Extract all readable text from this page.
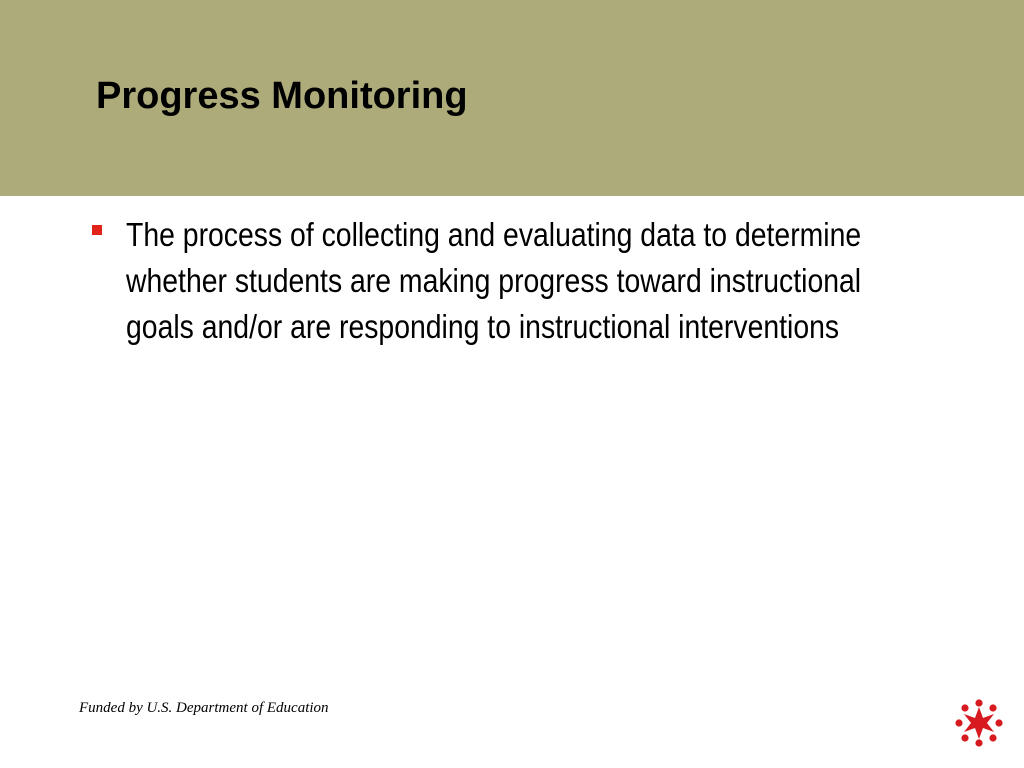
Progress Monitoring
The process of collecting and evaluating data to determine whether students are making progress toward instructional goals and/or are responding to instructional interventions
Funded by U.S. Department of Education
